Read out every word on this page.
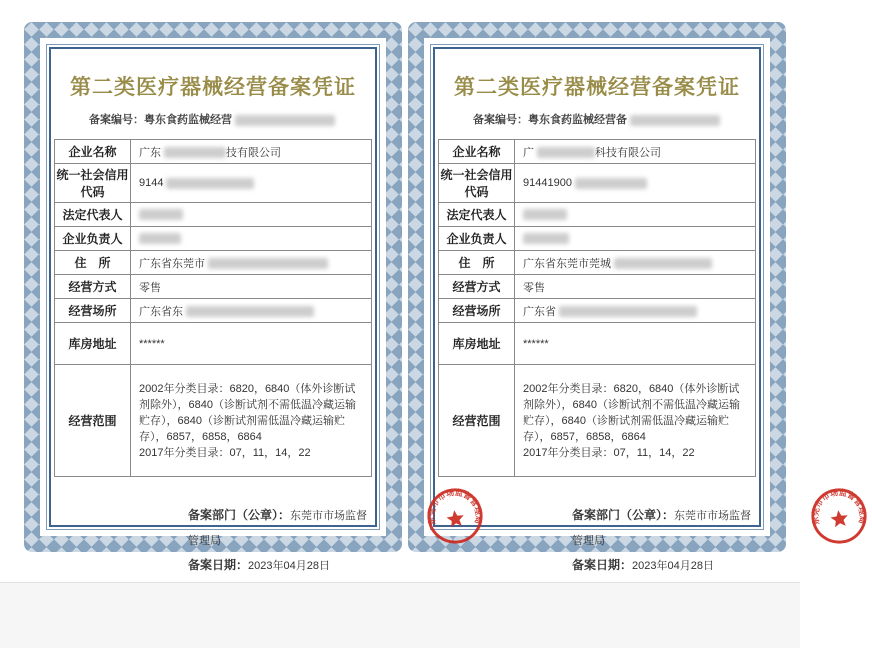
第二类医疗器械经营备案凭证
备案编号：粤东食药监械经营
企业名称	广东 技有限公司
统一社会信用代码	9144
法定代表人	
企业负责人	
住　所	广东省东莞市
经营方式	零售
经营场所	广东省东
库房地址	******
经营范围	2002年分类目录：6820，6840（体外诊断试剂除外），6840（诊断试剂不需低温冷藏运输贮存），6840（诊断试剂需低温冷藏运输贮存），6857，6858，6864

2017年分类目录：07，11，14，22

备案部门（公章）：东莞市市场监督管理局
备案日期：2023年04月28日
东莞市市场监督管理局
第二类医疗器械经营备案凭证
备案编号：粤东食药监械经营备
企业名称	广 科技有限公司
统一社会信用代码	91441900
法定代表人	
企业负责人	
住　所	广东省东莞市莞城
经营方式	零售
经营场所	广东省
库房地址	******
经营范围	2002年分类目录：6820，6840（体外诊断试剂除外），6840（诊断试剂不需低温冷藏运输贮存），6840（诊断试剂需低温冷藏运输贮存），6857，6858，6864

2017年分类目录：07，11，14，22

备案部门（公章）：东莞市市场监督管理局
备案日期：2023年04月28日
东莞市市场监督管理局
